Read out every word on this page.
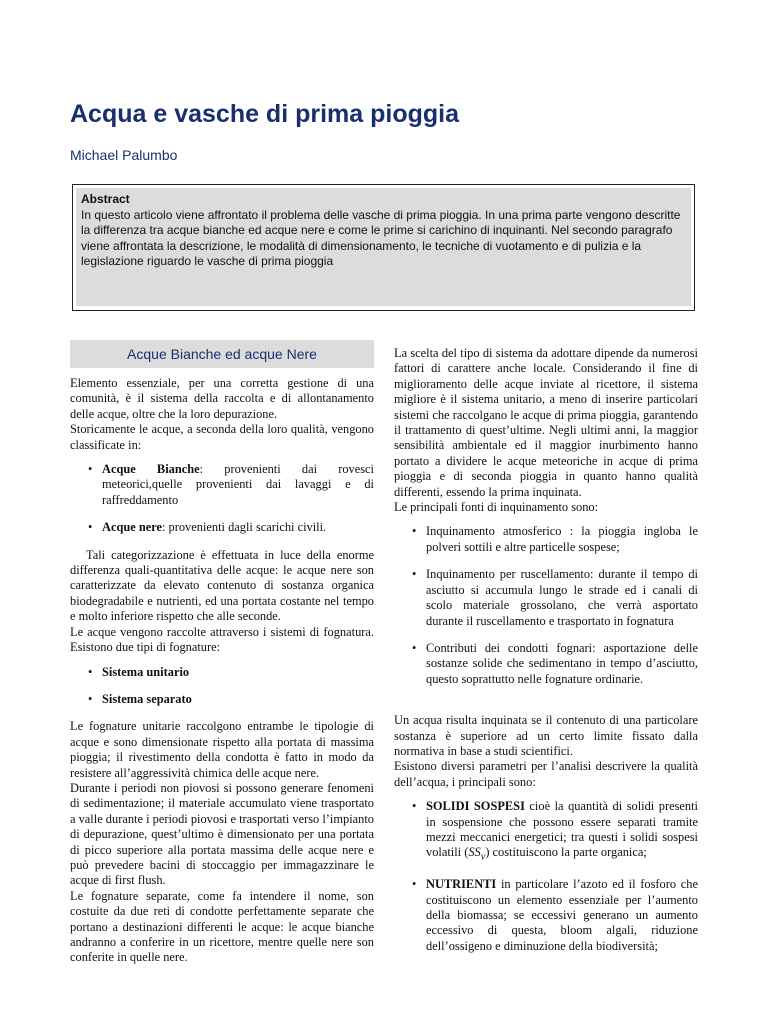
Acqua e vasche di prima pioggia
Michael Palumbo
Abstract
In questo articolo viene affrontato il problema delle vasche di prima pioggia. In una prima parte vengono descritte la differenza tra acque bianche ed acque nere e come le prime si carichino di inquinanti. Nel secondo paragrafo viene affrontata la descrizione, le modalità di dimensionamento, le tecniche di vuotamento e di pulizia e la legislazione riguardo le vasche di prima pioggia
Acque Bianche ed acque Nere

Elemento essenziale, per una corretta gestione di una comunità, è il sistema della raccolta e di allontanamento delle acque, oltre che la loro depurazione.

Storicamente le acque, a seconda della loro qualità, vengono classificate in:

• Acque Bianche: provenienti dai rovesci meteorici,quelle provenienti dai lavaggi e di raffreddamento
• Acque nere: provenienti dagli scarichi civili.

Tali categorizzazione è effettuata in luce della enorme differenza quali-quantitativa delle acque: le acque nere son caratterizzate da elevato contenuto di sostanza organica biodegradabile e nutrienti, ed una portata costante nel tempo e molto inferiore rispetto che alle seconde.

Le acque vengono raccolte attraverso i sistemi di fognatura. Esistono due tipi di fognature:

• Sistema unitario
• Sistema separato

Le fognature unitarie raccolgono entrambe le tipologie di acque e sono dimensionate rispetto alla portata di massima pioggia; il rivestimento della condotta è fatto in modo da resistere all’aggressività chimica delle acque nere.

Durante i periodi non piovosi si possono generare fenomeni di sedimentazione; il materiale accumulato viene trasportato a valle durante i periodi piovosi e trasportati verso l’impianto di depurazione, quest’ultimo è dimensionato per una portata di picco superiore alla portata massima delle acque nere e può prevedere bacini di stoccaggio per immagazzinare le acque di first flush.

Le fognature separate, come fa intendere il nome, son costuite da due reti di condotte perfettamente separate che portano a destinazioni differenti le acque: le acque bianche andranno a conferire in un ricettore, mentre quelle nere son conferite in quelle nere.

La scelta del tipo di sistema da adottare dipende da numerosi fattori di carattere anche locale. Considerando il fine di miglioramento delle acque inviate al ricettore, il sistema migliore è il sistema unitario, a meno di inserire particolari sistemi che raccolgano le acque di prima pioggia, garantendo il trattamento di quest’ultime. Negli ultimi anni, la maggior sensibilità ambientale ed il maggior inurbimento hanno portato a dividere le acque meteoriche in acque di prima pioggia e di seconda pioggia in quanto hanno qualità differenti, essendo la prima inquinata.

Le principali fonti di inquinamento sono:

• Inquinamento atmosferico : la pioggia ingloba le polveri sottili e altre particelle sospese;
• Inquinamento per ruscellamento: durante il tempo di asciutto si accumula lungo le strade ed i canali di scolo materiale grossolano, che verrà asportato durante il ruscellamento e trasportato in fognatura
• Contributi dei condotti fognari: asportazione delle sostanze solide che sedimentano in tempo d’asciutto, questo soprattutto nelle fognature ordinarie.

Un acqua risulta inquinata se il contenuto di una particolare sostanza è superiore ad un certo limite fissato dalla normativa in base a studi scientifici.

Esistono diversi parametri per l’analisi descrivere la qualità dell’acqua, i principali sono:

• SOLIDI SOSPESI cioè la quantità di solidi presenti in sospensione che possono essere separati tramite mezzi meccanici energetici; tra questi i solidi sospesi volatili $(SS_v)$ costituiscono la parte organica;
• NUTRIENTI in particolare l’azoto ed il fosforo che costituiscono un elemento essenziale per l’aumento della biomassa; se eccessivi generano un aumento eccessivo di questa, bloom algali, riduzione dell’ossigeno e diminuzione della biodiversità;
